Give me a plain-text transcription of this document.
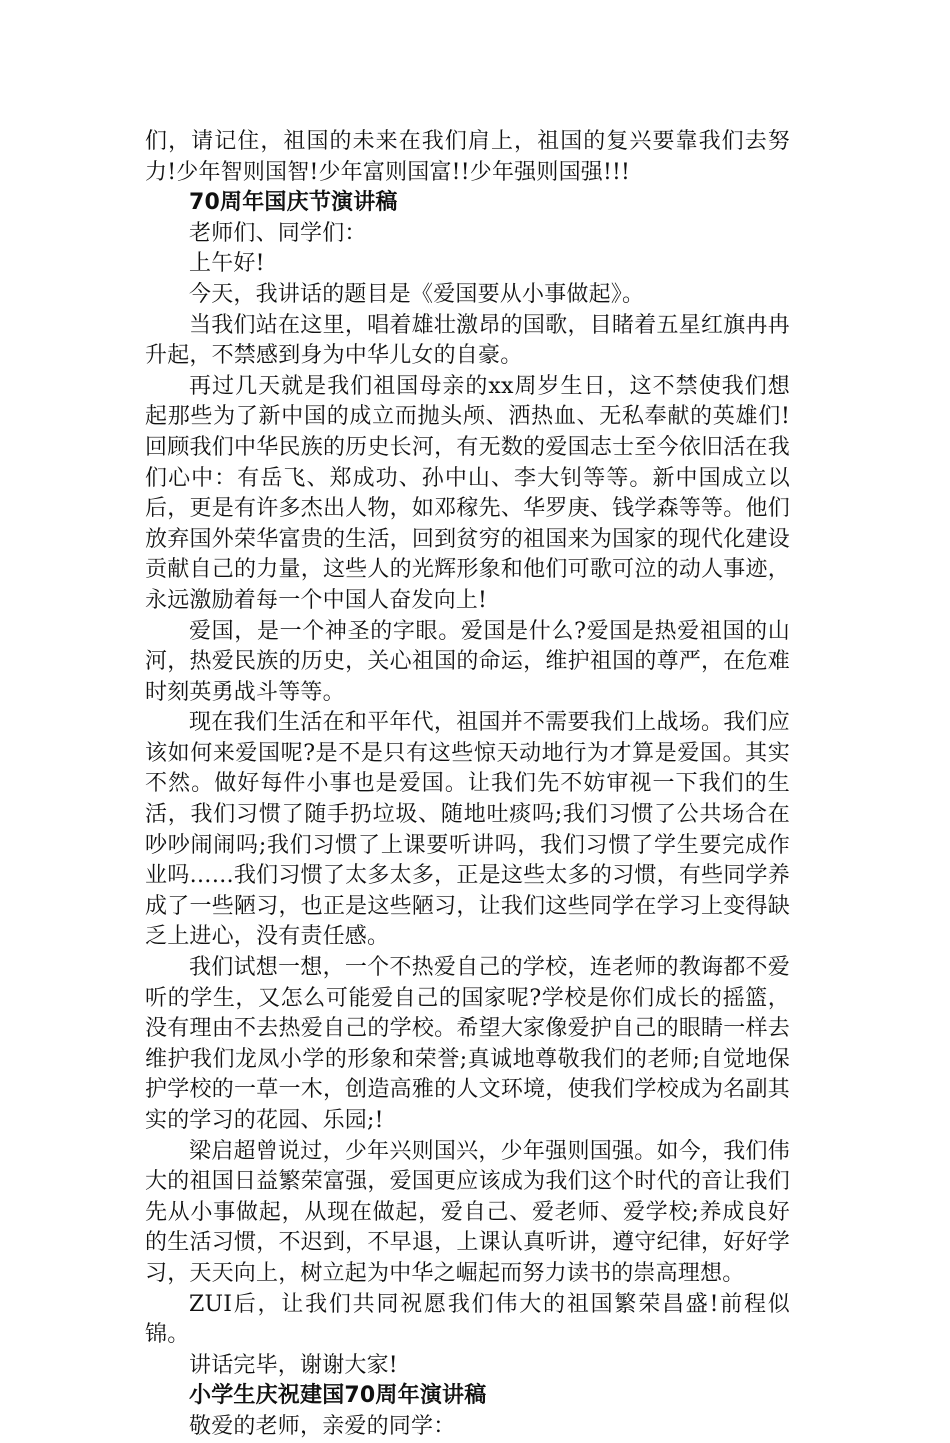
们，请记住，祖国的未来在我们肩上，祖国的复兴要靠我们去努力!少年智则国智!少年富则国富!!少年强则国强!!!

70周年国庆节演讲稿

老师们、同学们：

上午好!

今天，我讲话的题目是《爱国要从小事做起》。

当我们站在这里，唱着雄壮激昂的国歌，目睹着五星红旗冉冉升起，不禁感到身为中华儿女的自豪。

再过几天就是我们祖国母亲的xx周岁生日，这不禁使我们想起那些为了新中国的成立而抛头颅、洒热血、无私奉献的英雄们!回顾我们中华民族的历史长河，有无数的爱国志士至今依旧活在我们心中：有岳飞、郑成功、孙中山、李大钊等等。新中国成立以后，更是有许多杰出人物，如邓稼先、华罗庚、钱学森等等。他们放弃国外荣华富贵的生活，回到贫穷的祖国来为国家的现代化建设贡献自己的力量，这些人的光辉形象和他们可歌可泣的动人事迹，永远激励着每一个中国人奋发向上!

爱国，是一个神圣的字眼。爱国是什么?爱国是热爱祖国的山河，热爱民族的历史，关心祖国的命运，维护祖国的尊严，在危难时刻英勇战斗等等。

现在我们生活在和平年代，祖国并不需要我们上战场。我们应该如何来爱国呢?是不是只有这些惊天动地行为才算是爱国。其实不然。做好每件小事也是爱国。让我们先不妨审视一下我们的生活，我们习惯了随手扔垃圾、随地吐痰吗;我们习惯了公共场合在吵吵闹闹吗;我们习惯了上课要听讲吗，我们习惯了学生要完成作业吗……我们习惯了太多太多，正是这些太多的习惯，有些同学养成了一些陋习，也正是这些陋习，让我们这些同学在学习上变得缺乏上进心，没有责任感。

我们试想一想，一个不热爱自己的学校，连老师的教诲都不爱听的学生，又怎么可能爱自己的国家呢?学校是你们成长的摇篮，没有理由不去热爱自己的学校。希望大家像爱护自己的眼睛一样去维护我们龙凤小学的形象和荣誉;真诚地尊敬我们的老师;自觉地保护学校的一草一木，创造高雅的人文环境，使我们学校成为名副其实的学习的花园、乐园;!

梁启超曾说过，少年兴则国兴，少年强则国强。如今，我们伟大的祖国日益繁荣富强，爱国更应该成为我们这个时代的音让我们先从小事做起，从现在做起，爱自己、爱老师、爱学校;养成良好的生活习惯，不迟到，不早退，上课认真听讲，遵守纪律，好好学习，天天向上，树立起为中华之崛起而努力读书的崇高理想。

ZUI后，让我们共同祝愿我们伟大的祖国繁荣昌盛!前程似锦。

讲话完毕，谢谢大家!

小学生庆祝建国70周年演讲稿

敬爱的老师，亲爱的同学：
